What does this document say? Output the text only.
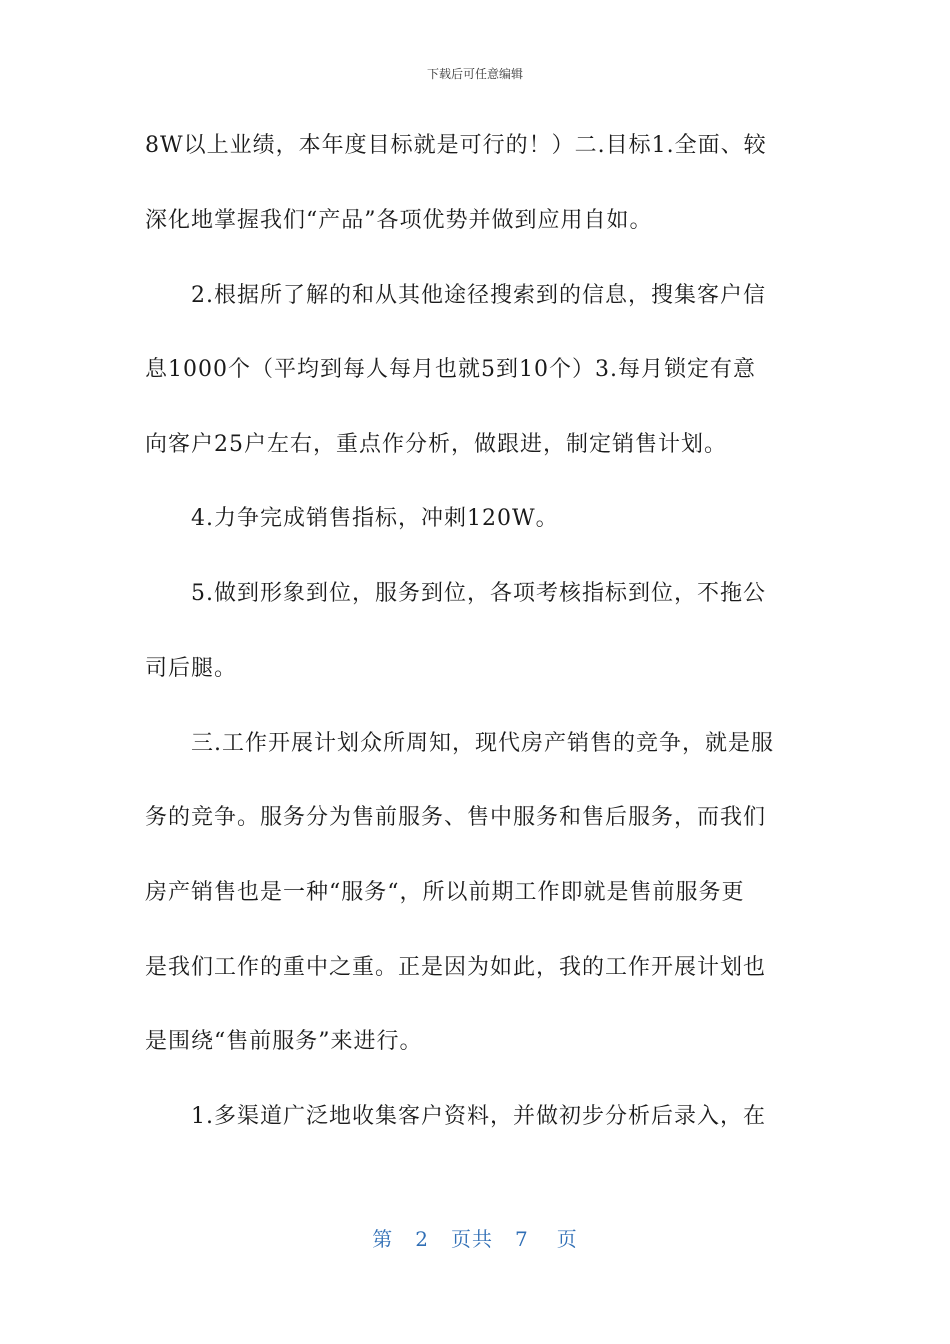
下载后可任意编辑
8W以上业绩，本年度目标就是可行的！）二.目标1.全面、较
深化地掌握我们“产品”各项优势并做到应用自如。
2.根据所了解的和从其他途径搜索到的信息，搜集客户信
息1000个（平均到每人每月也就5到10个）3.每月锁定有意
向客户25户左右，重点作分析，做跟进，制定销售计划。
4.力争完成销售指标，冲刺120W。
5.做到形象到位，服务到位，各项考核指标到位，不拖公
司后腿。
三.工作开展计划众所周知，现代房产销售的竞争，就是服
务的竞争。服务分为售前服务、售中服务和售后服务，而我们
房产销售也是一种“服务“，所以前期工作即就是售前服务更
是我们工作的重中之重。正是因为如此，我的工作开展计划也
是围绕“售前服务”来进行。
1.多渠道广泛地收集客户资料，并做初步分析后录入，在
第 2 页共 7 页
